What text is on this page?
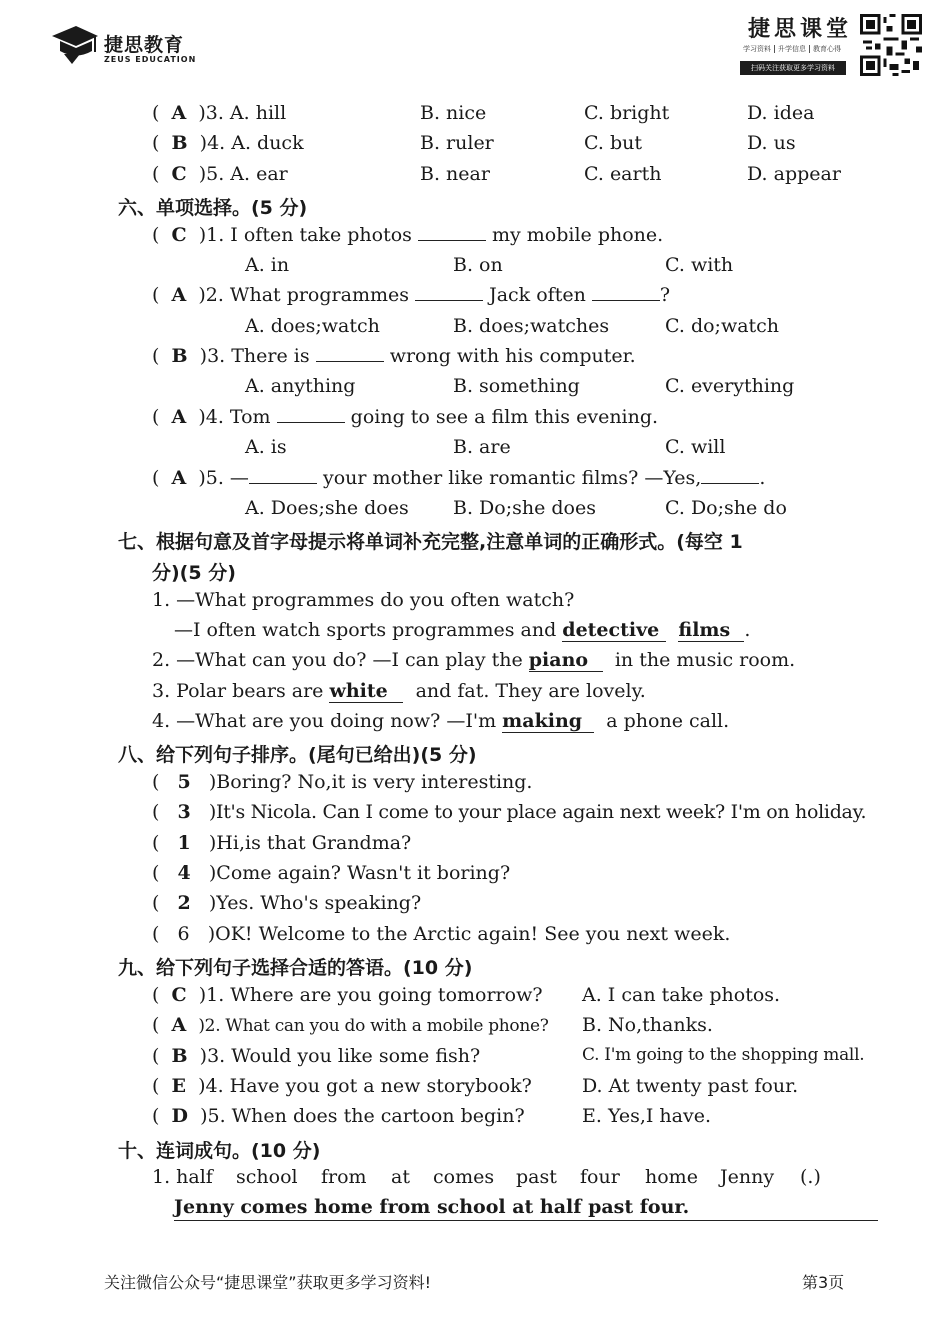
捷思教育
ZEUS EDUCATION
捷思课堂
学习资料 升学信息 教育心得
扫码关注获取更多学习资料
(  A )3. A. hill	B. nice	C. bright	D. idea
(  B )4. A. duck	B. ruler	C. but	D. us
(  C )5. A. ear	B. near	C. earth	D. appear
六、单项选择。(5 分)
(  C )1. I often take photos	my mobile phone.
A. in	B. on	C. with
(  A )2. What programmes	Jack often	?
A. does;watch	B. does;watches	C. do;watch
(  B )3. There is	wrong with his computer.
A. anything	B. something	C. everything
(  A )4. Tom	going to see a film this evening.
A. is	B. are	C. will
(  A )5. —	your mother like romantic films? —Yes,	.
A. Does;she does B. Do;she does	C. Do;she do
七、根据句意及首字母提示将单词补充完整,注意单词的正确形式。(每空 1
分)(5 分)
1. —What programmes do you often watch?
—I often watch sports programmes and detective films .
2. —What can you do? —I can play the piano in the music room.
3. Polar bears are white and fat. They are lovely.
4. —What are you doing now? —I'm making a phone call.
八、给下列句子排序。(尾句已给出)(5 分)
(   5 )Boring? No,it is very interesting.
(   3 )It's Nicola. Can I come to your place again next week? I'm on holiday.
(   1 )Hi,is that Grandma?
(   4 )Come again? Wasn't it boring?
(   2 )Yes. Who's speaking?
(   6 )OK! Welcome to the Arctic again! See you next week.
九、给下列句子选择合适的答语。(10 分)
(  C )1. Where are you going tomorrow? A. I can take photos.
(  A )2. What can you do with a mobile phone? B. No,thanks.
(  B )3. Would you like some fish?	C. I'm going to the shopping mall.
(  E )4. Have you got a new storybook?	D. At twenty past four.
(  D )5. When does the cartoon begin?	E. Yes,I have.
十、连词成句。(10 分)
1. half school from at comes past four home Jenny (.)
Jenny comes home from school at half past four.
关注微信公众号“捷思课堂”获取更多学习资料!	第3页
